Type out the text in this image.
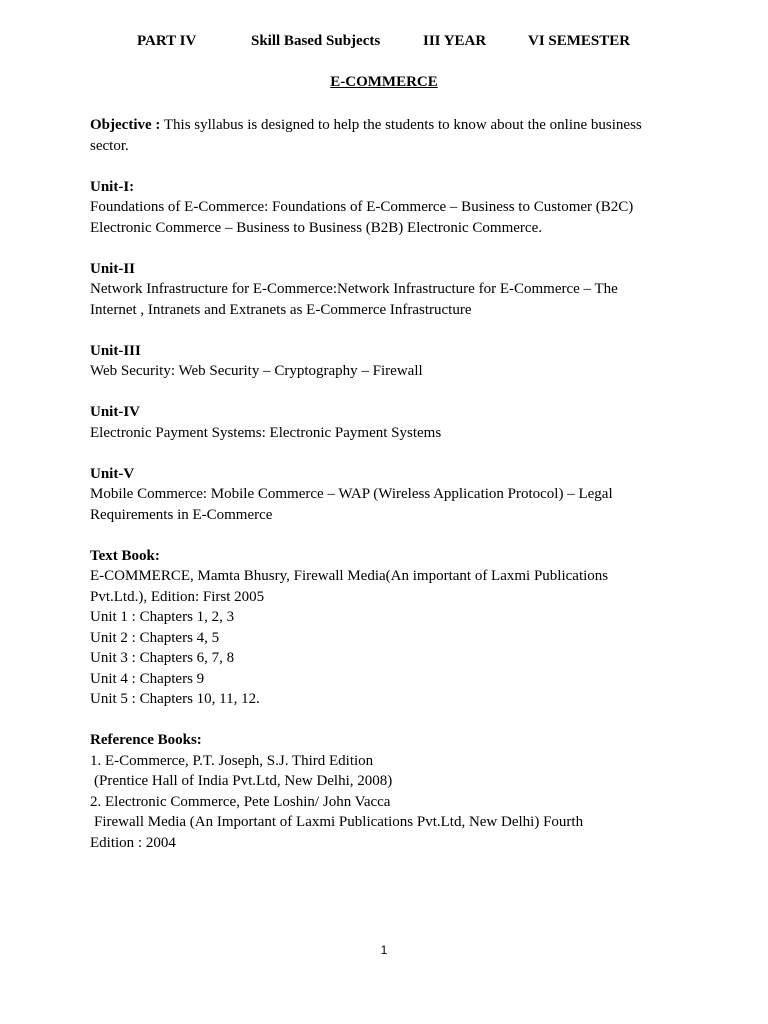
PART IV	Skill Based Subjects	III YEAR	VI SEMESTER
E-COMMERCE

Objective : This syllabus is designed to help the students to know about the online business sector.

Unit-I:

Foundations of E-Commerce: Foundations of E-Commerce – Business to Customer (B2C)

Electronic Commerce – Business to Business (B2B) Electronic Commerce.

Unit-II

Network Infrastructure for E-Commerce:Network Infrastructure for E-Commerce – The

Internet , Intranets and Extranets as E-Commerce Infrastructure

Unit-III

Web Security: Web Security – Cryptography – Firewall

Unit-IV

Electronic Payment Systems: Electronic Payment Systems

Unit-V

Mobile Commerce: Mobile Commerce – WAP (Wireless Application Protocol) – Legal

Requirements in E-Commerce

Text Book:

E-COMMERCE, Mamta Bhusry, Firewall Media(An important of Laxmi Publications

Pvt.Ltd.), Edition: First 2005

Unit 1 : Chapters 1, 2, 3

Unit 2 : Chapters 4, 5

Unit 3 : Chapters 6, 7, 8

Unit 4 : Chapters 9

Unit 5 : Chapters 10, 11, 12.

Reference Books:

1. E-Commerce, P.T. Joseph, S.J. Third Edition

(Prentice Hall of India Pvt.Ltd, New Delhi, 2008)

2. Electronic Commerce, Pete Loshin/ John Vacca

Firewall Media (An Important of Laxmi Publications Pvt.Ltd, New Delhi) Fourth

Edition : 2004

1
